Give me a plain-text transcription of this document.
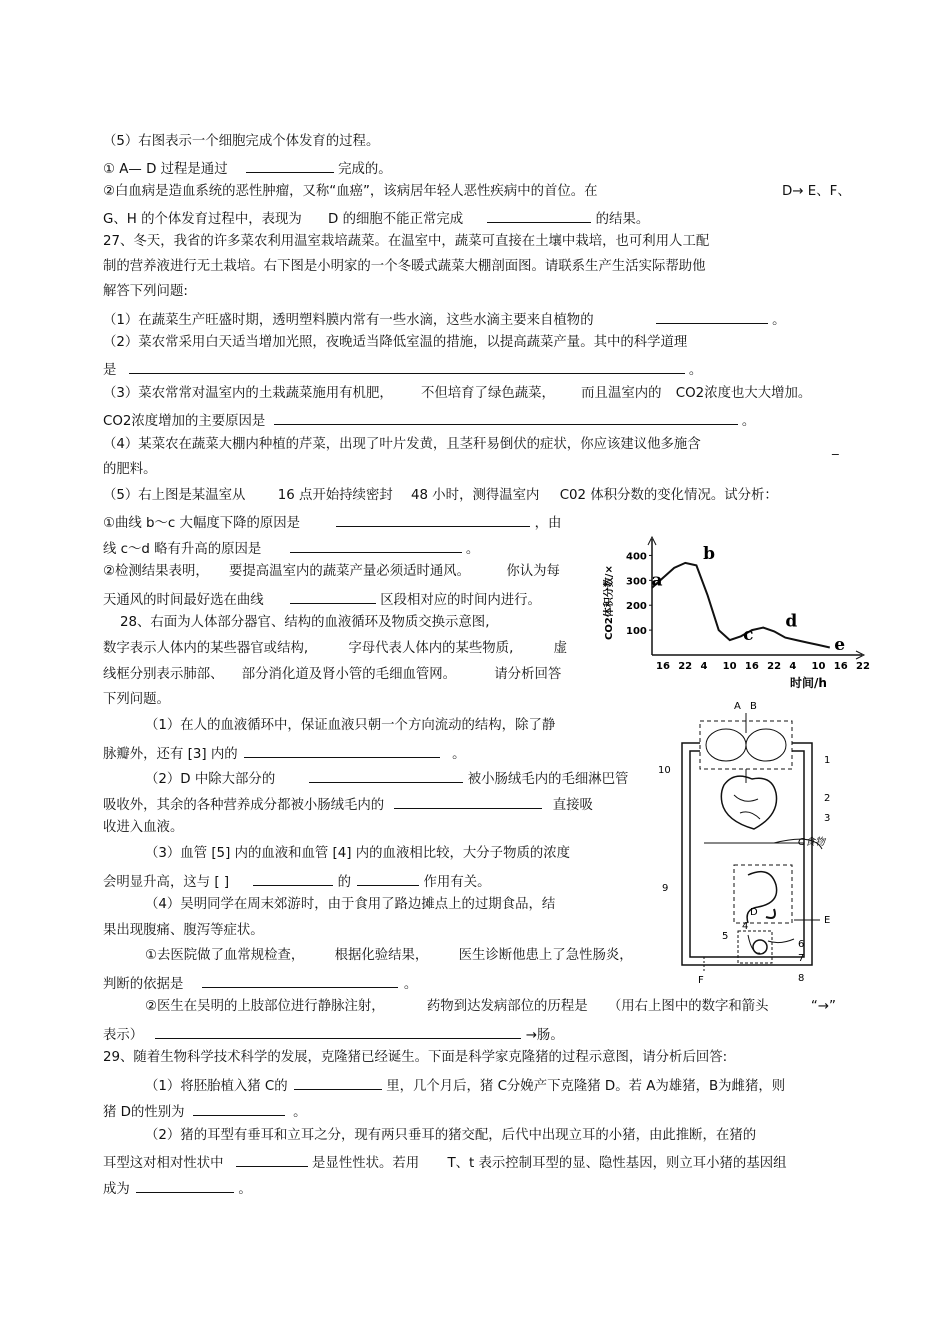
（5）右图表示一个细胞完成个体发育的过程。
① A— D 过程是通过	完成的。
②白血病是造血系统的恶性肿瘤，又称“血癌”，该病居年轻人恶性疾病中的首位。在	D→ E、F、
G、H 的个体发育过程中，表现为 D 的细胞不能正常完成	的结果。
27、冬天，我省的许多菜农利用温室栽培蔬菜。在温室中，蔬菜可直接在土壤中栽培，也可利用人工配
制的营养液进行无土栽培。右下图是小明家的一个冬暖式蔬菜大棚剖面图。请联系生产生活实际帮助他
解答下列问题:
（1）在蔬菜生产旺盛时期，透明塑料膜内常有一些水滴，这些水滴主要来自植物的	。
（2）菜农常采用白天适当增加光照，夜晚适当降低室温的措施，以提高蔬菜产量。其中的科学道理
是	。
（3）菜农常常对温室内的土栽蔬菜施用有机肥， 不但培育了绿色蔬菜， 而且温室内的 CO2浓度也大大增加。
CO2浓度增加的主要原因是	。
（4）某菜农在蔬菜大棚内种植的芹菜，出现了叶片发黄，且茎秆易倒伏的症状，你应该建议他多施含	_
的肥料。
（5）右上图是某温室从 16 点开始持续密封 48 小时，测得温室内 C02 体积分数的变化情况。试分析：
①曲线 b～c 大幅度下降的原因是	，由
线 c～d 略有升高的原因是	。
②检测结果表明， 要提高温室内的蔬菜产量必须适时通风。	你认为每
天通风的时间最好选在曲线	区段相对应的时间内进行。
28、右面为人体部分器官、结构的血液循环及物质交换示意图,
数字表示人体内的某些器官或结构,	字母代表人体内的某些物质,	虚
线框分别表示肺部、 部分消化道及肾小管的毛细血管网。	请分析回答
下列问题。
（1）在人的血液循环中，保证血液只朝一个方向流动的结构，除了静
脉瓣外，还有 [3] 内的	。
（2）D 中除大部分的	被小肠绒毛内的毛细淋巴管
吸收外，其余的各种营养成分都被小肠绒毛内的	直接吸
收进入血液。
（3）血管 [5] 内的血液和血管 [4] 内的血液相比较，大分子物质的浓度
会明显升高，这与 [ ]	的	作用有关。
（4）吴明同学在周末郊游时，由于食用了路边摊点上的过期食品，结
果出现腹痛、腹泻等症状。
①去医院做了血常规检查， 根据化验结果， 医生诊断他患上了急性肠炎，
判断的依据是	。
②医生在吴明的上肢部位进行静脉注射，	药物到达发病部位的历程是 （用右上图中的数字和箭头	“→”
表示）	→肠。
29、随着生物科学技术科学的发展，克隆猪已经诞生。下面是科学家克隆猪的过程示意图，请分析后回答:
（1）将胚胎植入猪 C的	里，几个月后，猪 C分娩产下克隆猪 D。若 A为雄猪，B为雌猪，则
猪 D的性别为	。
（2）猪的耳型有垂耳和立耳之分，现有两只垂耳的猪交配，后代中出现立耳的小猪，由此推断，在猪的
耳型这对相对性状中	是显性性状。若用 T、t 表示控制耳型的显、隐性基因，则立耳小猪的基因组
成为	。
100
200
300
400
16 22 4 10 16 22 4 10 16 22
a
b
c
d
e
CO2体积分数/×
时间/h
A B
C食物
D
E
F
10
1
2
3
9
5
4
6
7
8
